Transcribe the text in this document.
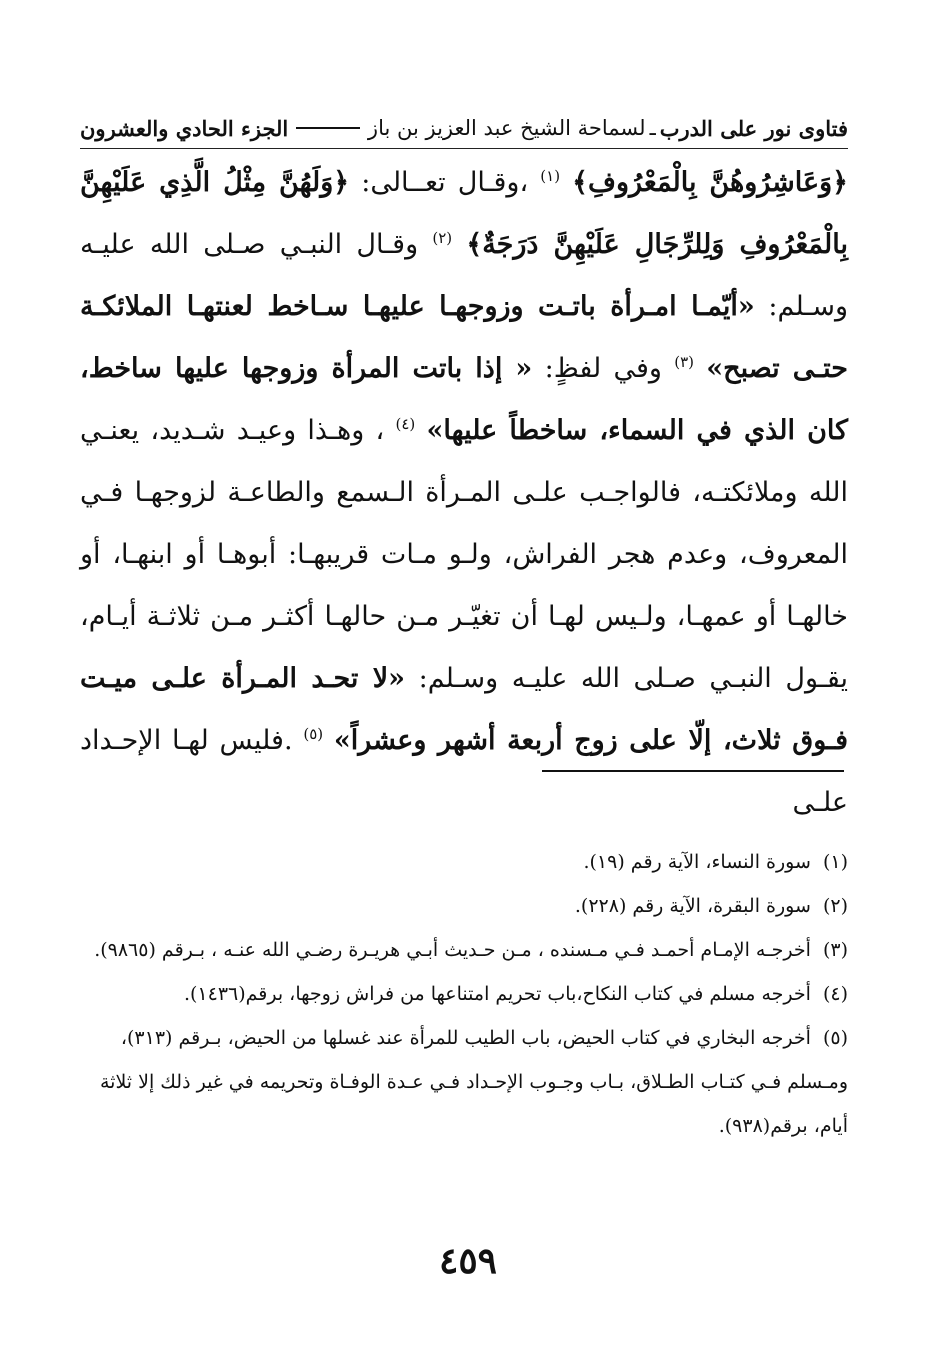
فتاوى نور على الدرب
ـ
لسماحة الشيخ عبد العزيز بن باز
الجزء الحادي والعشرون

﴿وَعَاشِرُوهُنَّ بِالْمَعْرُوفِ﴾ $^{(١)}$ ،وقـال تعــالى: ﴿وَلَهُنَّ مِثْلُ الَّذِي عَلَيْهِنَّ بِالْمَعْرُوفِ وَلِلرِّجَالِ عَلَيْهِنَّ دَرَجَةٌ﴾ $^{(٢)}$ وقـال النبـي صـلى الله عليـه وسـلم: «أيّمـا امـرأة باتـت وزوجهـا عليهـا سـاخط لعنتهـا الملائكـة حتـى تصبح» $^{(٣)}$ وفي لفظٍ: « إذا باتت المرأة وزوجها عليها ساخط، كان الذي في السماء، ساخطاً عليها» $^{(٤)}$ ، وهـذا وعيـد شـديد، يعنـي الله وملائكتـه، فالواجـب علـى المـرأة الـسمع والطاعـة لزوجهـا فـي المعروف، وعدم هجر الفراش، ولـو مـات قريبهـا: أبوهـا أو ابنهـا، أو خالهـا أو عمهـا، ولـيس لهـا أن تغيّـر مـن حالهـا أكثـر مـن ثلاثـة أيـام، يقـول النبـي صـلى الله عليـه وسـلم: «لا تحـد المـرأة علـى ميـت فـوق ثلاث، إلّا على زوج أربعة أشهر وعشراً» $^{(٥)}$ .فليس لهـا الإحـداد علـى

(١) سورة النساء، الآية رقم (١٩).

(٢) سورة البقرة، الآية رقم (٢٢٨).

(٣) أخرجـه الإمـام أحمـد فـي مـسنده ، مـن حـديث أبـي هريـرة رضـي الله عنـه ، بـرقم (٩٨٦٥).

(٤) أخرجه مسلم في كتاب النكاح،باب تحريم امتناعها من فراش زوجها، برقم(١٤٣٦).

(٥) أخرجه البخاري في كتاب الحيض، باب الطيب للمرأة عند غسلها من الحيض، بـرقم (٣١٣)، ومـسلم فـي كتـاب الطـلاق، بـاب وجـوب الإحـداد فـي عـدة الوفـاة وتحريمه في غير ذلك إلا ثلاثة أيام، برقم(٩٣٨).

٤٥٩
